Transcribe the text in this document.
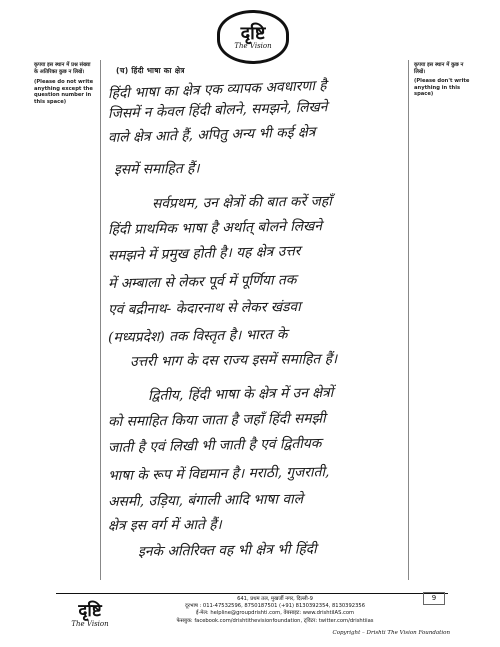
दृष्टि
The Vision
कृपया इस स्थान में प्रश्न संख्या के अतिरिक्त कुछ न लिखें।
(Please do not write anything except the question number in this space)
कृपया इस स्थान में कुछ न लिखें।
(Please don't write anything in this space)
(च) हिंदी भाषा का क्षेत्र
हिंदी भाषा का क्षेत्र एक व्यापक अवधारणा है
जिसमें न केवल हिंदी बोलने, समझने, लिखने
वाले क्षेत्र आते हैं, अपितु अन्य भी कई क्षेत्र
इसमें समाहित हैं।
सर्वप्रथम, उन क्षेत्रों की बात करें जहाँ
हिंदी प्राथमिक भाषा है अर्थात् बोलने लिखने
समझने में प्रमुख होती है। यह क्षेत्र उत्तर
में अम्बाला से लेकर पूर्व में पूर्णिया तक
एवं बद्रीनाथ- केदारनाथ से लेकर खंडवा
(मध्यप्रदेश) तक विस्तृत है। भारत के
उत्तरी भाग के दस राज्य इसमें समाहित हैं।
द्वितीय, हिंदी भाषा के क्षेत्र में उन क्षेत्रों
को समाहित किया जाता है जहाँ हिंदी समझी
जाती है एवं लिखी भी जाती है एवं द्वितीयक
भाषा के रूप में विद्यमान है। मराठी, गुजराती,
असमी, उड़िया, बंगाली आदि भाषा वाले
क्षेत्र इस वर्ग में आते हैं।
इनके अतिरिक्त वह भी क्षेत्र भी हिंदी
दृष्टि
The Vision
641, प्रथम तल, मुखर्जी नगर, दिल्ली-9
दूरभाष : 011-47532596, 8750187501 (+91) 8130392354, 8130392356
ई-मेल: helpline@groupdrishti.com, वेबसाइट: www.drishtiIAS.com
फेसबुक: facebook.com/drishtithevisionfoundation, ट्विटर: twitter.com/drishtiias
9
Copyright – Drishti The Vision Foundation
